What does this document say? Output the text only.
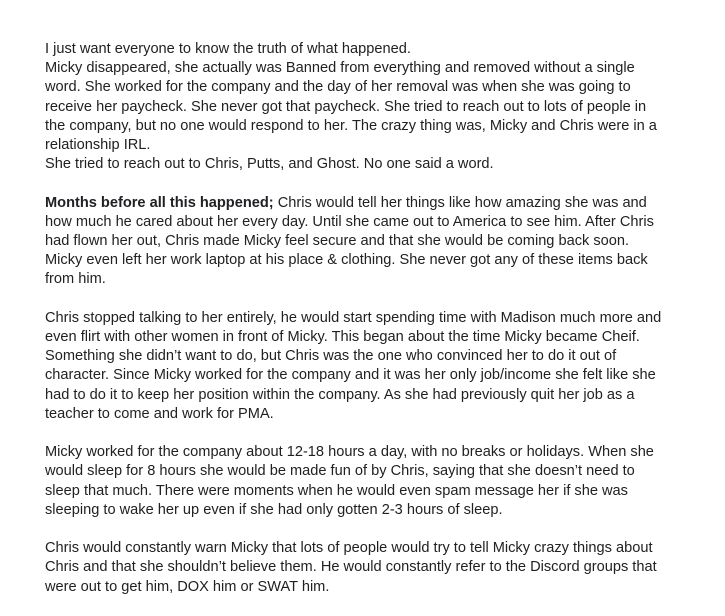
I just want everyone to know the truth of what happened.
Micky disappeared, she actually was Banned from everything and removed without a single
word. She worked for the company and the day of her removal was when she was going to
receive her paycheck. She never got that paycheck. She tried to reach out to lots of people in
the company, but no one would respond to her. The crazy thing was, Micky and Chris were in a
relationship IRL.
She tried to reach out to Chris, Putts, and Ghost. No one said a word.

Months before all this happened; Chris would tell her things like how amazing she was and
how much he cared about her every day. Until she came out to America to see him. After Chris
had flown her out, Chris made Micky feel secure and that she would be coming back soon.
Micky even left her work laptop at his place & clothing. She never got any of these items back
from him.

Chris stopped talking to her entirely, he would start spending time with Madison much more and
even flirt with other women in front of Micky. This began about the time Micky became Cheif.
Something she didn’t want to do, but Chris was the one who convinced her to do it out of
character. Since Micky worked for the company and it was her only job/income she felt like she
had to do it to keep her position within the company. As she had previously quit her job as a
teacher to come and work for PMA.

Micky worked for the company about 12-18 hours a day, with no breaks or holidays. When she
would sleep for 8 hours she would be made fun of by Chris, saying that she doesn’t need to
sleep that much. There were moments when he would even spam message her if she was
sleeping to wake her up even if she had only gotten 2-3 hours of sleep.

Chris would constantly warn Micky that lots of people would try to tell Micky crazy things about
Chris and that she shouldn’t believe them. He would constantly refer to the Discord groups that
were out to get him, DOX him or SWAT him.
